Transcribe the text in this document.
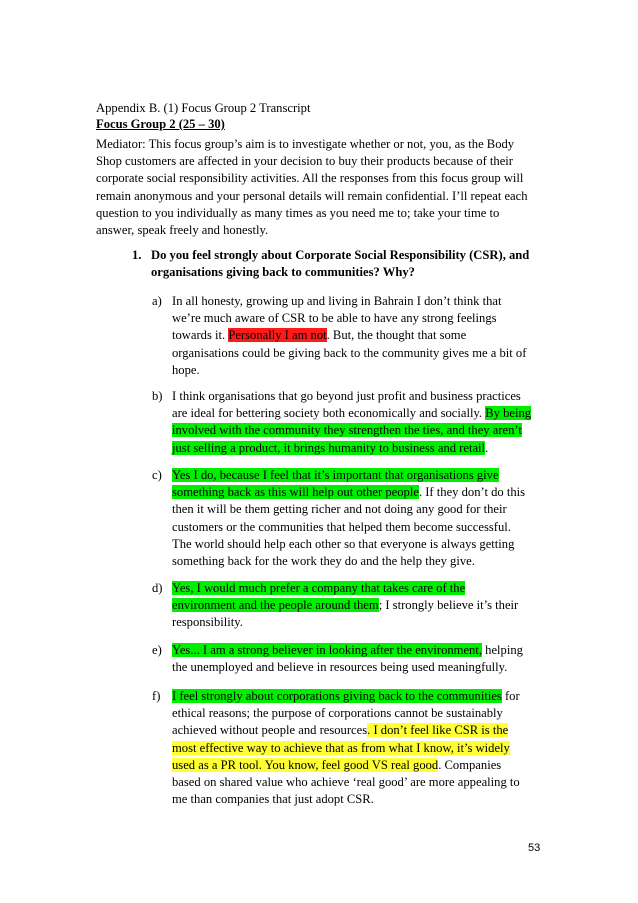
Appendix B. (1) Focus Group 2 Transcript
Focus Group 2 (25 – 30)
Mediator: This focus group’s aim is to investigate whether or not, you, as the Body
Shop customers are affected in your decision to buy their products because of their
corporate social responsibility activities. All the responses from this focus group will
remain anonymous and your personal details will remain confidential. I’ll repeat each
question to you individually as many times as you need me to; take your time to
answer, speak freely and honestly.
1. Do you feel strongly about Corporate Social Responsibility (CSR), and
organisations giving back to communities? Why?
a) In all honesty, growing up and living in Bahrain I don’t think that
we’re much aware of CSR to be able to have any strong feelings
towards it. Personally I am not. But, the thought that some
organisations could be giving back to the community gives me a bit of
hope.
b) I think organisations that go beyond just profit and business practices
are ideal for bettering society both economically and socially. By being
involved with the community they strengthen the ties, and they aren’t
just selling a product, it brings humanity to business and retail.
c) Yes I do, because I feel that it’s important that organisations give
something back as this will help out other people. If they don’t do this
then it will be them getting richer and not doing any good for their
customers or the communities that helped them become successful.
The world should help each other so that everyone is always getting
something back for the work they do and the help they give.
d) Yes, I would much prefer a company that takes care of the
environment and the people around them; I strongly believe it’s their
responsibility.
e) Yes... I am a strong believer in looking after the environment, helping
the unemployed and believe in resources being used meaningfully.
f) I feel strongly about corporations giving back to the communities for
ethical reasons; the purpose of corporations cannot be sustainably
achieved without people and resources. I don’t feel like CSR is the
most effective way to achieve that as from what I know, it’s widely
used as a PR tool. You know, feel good VS real good. Companies
based on shared value who achieve ‘real good’ are more appealing to
me than companies that just adopt CSR.
53
